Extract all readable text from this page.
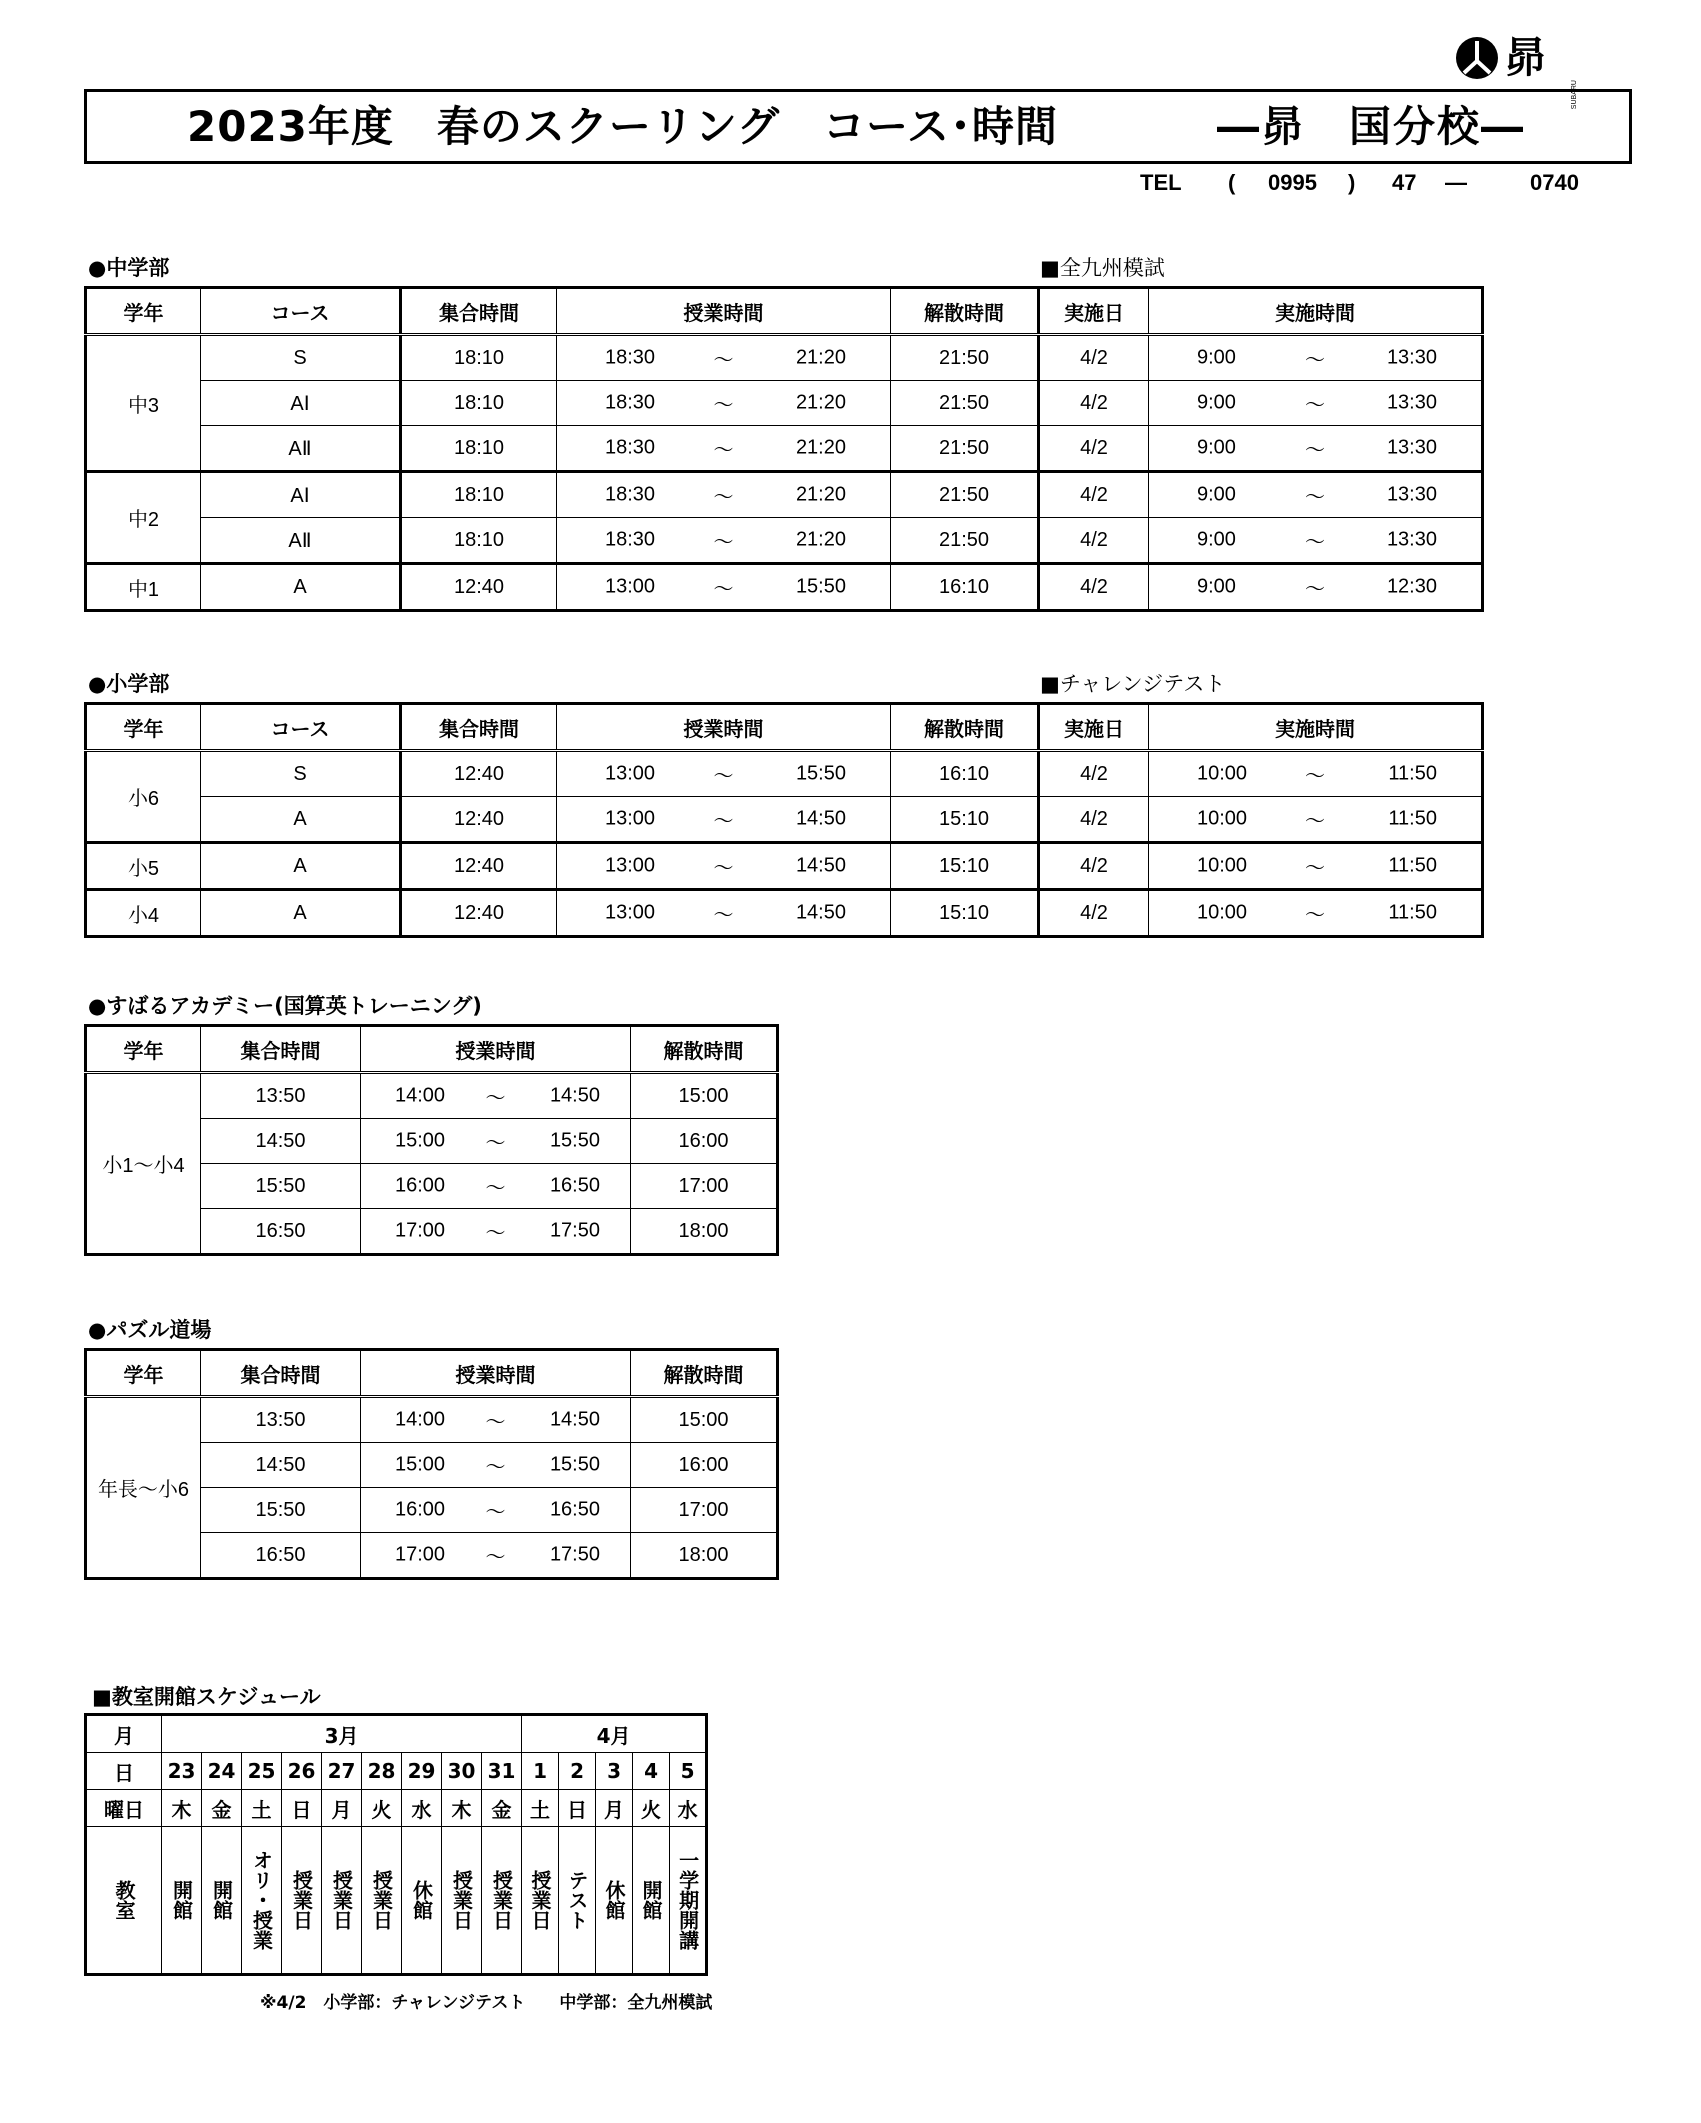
昴
SUBARU
2023年度　春のスクーリング　コース･時間	―昴　国分校―
TEL ( 0995 ) 47 ―	0740
●中学部	■全九州模試
学年	コース	集合時間	授業時間	解散時間	実施日	実施時間
中3	S	18:10	18:30 ～ 21:20	21:50	4/2	9:00 ～ 13:30

	AⅠ	18:10	18:30 ～ 21:20	21:50	4/2	9:00 ～ 13:30

	AⅡ	18:10	18:30 ～ 21:20	21:50	4/2	9:00 ～ 13:30

中2	AⅠ	18:10	18:30 ～ 21:20	21:50	4/2	9:00 ～ 13:30

	AⅡ	18:10	18:30 ～ 21:20	21:50	4/2	9:00 ～ 13:30

中1	A	12:40	13:00 ～ 15:50	16:10	4/2	9:00 ～ 12:30
●小学部	■チャレンジテスト
学年	コース	集合時間	授業時間	解散時間	実施日	実施時間
小6	S	12:40	13:00 ～ 15:50	16:10	4/2	10:00 ～ 11:50

	A	12:40	13:00 ～ 14:50	15:10	4/2	10:00 ～ 11:50

小5	A	12:40	13:00 ～ 14:50	15:10	4/2	10:00 ～ 11:50

小4	A	12:40	13:00 ～ 14:50	15:10	4/2	10:00 ～ 11:50
●すばるアカデミー(国算英トレーニング)
学年	集合時間	授業時間	解散時間
小1～小4	13:50	14:00 ～ 14:50	15:00
	14:50	15:00 ～ 15:50	16:00
	15:50	16:00 ～ 16:50	17:00
	16:50	17:00 ～ 17:50	18:00
●パズル道場
学年	集合時間	授業時間	解散時間
年長～小6	13:50	14:00 ～ 14:50	15:00
	14:50	15:00 ～ 15:50	16:00
	15:50	16:00 ～ 16:50	17:00
	16:50	17:00 ～ 17:50	18:00
■教室開館スケジュール
月	3月									4月				
日	23	24	25	26	27	28	29	30	31	1	2	3	4	5
曜日	木	金	土	日	月	火	水	木	金	土	日	月	火	水
教室	開館	開館	オリ・授業	授業日	授業日	授業日	休館	授業日	授業日	授業日	テスト	休館	開館	一学期開講
※4/2　小学部：チャレンジテスト　　中学部：全九州模試
